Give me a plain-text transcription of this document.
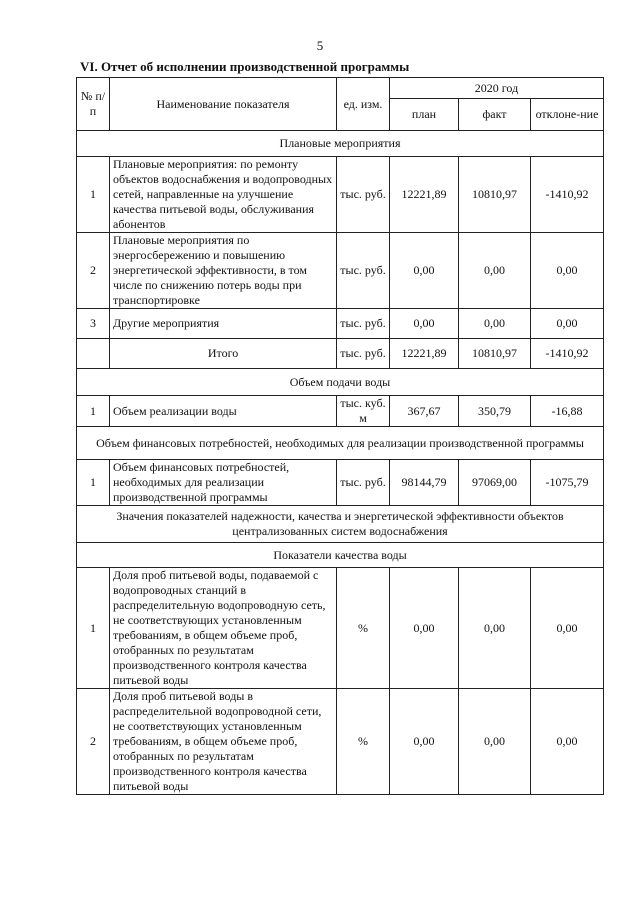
5
VI. Отчет об исполнении производственной программы
№ п/п	Наименование показателя	ед. изм.	2020 год		
			план	факт	отклоне-ние
Плановые мероприятия					
1	Плановые мероприятия: по ремонту объектов водоснабжения и водопроводных сетей, направленные на улучшение качества питьевой воды, обслуживания абонентов	тыс. руб.	12221,89	10810,97	-1410,92
2	Плановые мероприятия по энергосбережению и повышению энергетической эффективности, в том числе по снижению потерь воды при транспортировке	тыс. руб.	0,00	0,00	0,00
3	Другие мероприятия	тыс. руб.	0,00	0,00	0,00
	Итого	тыс. руб.	12221,89	10810,97	-1410,92
Объем подачи воды					
1	Объем реализации воды	тыс. куб. м	367,67	350,79	-16,88
Объем финансовых потребностей, необходимых для реализации производственной программы					
1	Объем финансовых потребностей, необходимых для реализации производственной программы	тыс. руб.	98144,79	97069,00	-1075,79
Значения показателей надежности, качества и энергетической эффективности объектов централизованных систем водоснабжения					
Показатели качества воды					
1	Доля проб питьевой воды, подаваемой с водопроводных станций в распределительную водопроводную сеть, не соответствующих установленным требованиям, в общем объеме проб, отобранных по результатам производственного контроля качества питьевой воды	%	0,00	0,00	0,00
2	Доля проб питьевой воды в распределительной водопроводной сети, не соответствующих установленным требованиям, в общем объеме проб, отобранных по результатам производственного контроля качества питьевой воды	%	0,00	0,00	0,00
